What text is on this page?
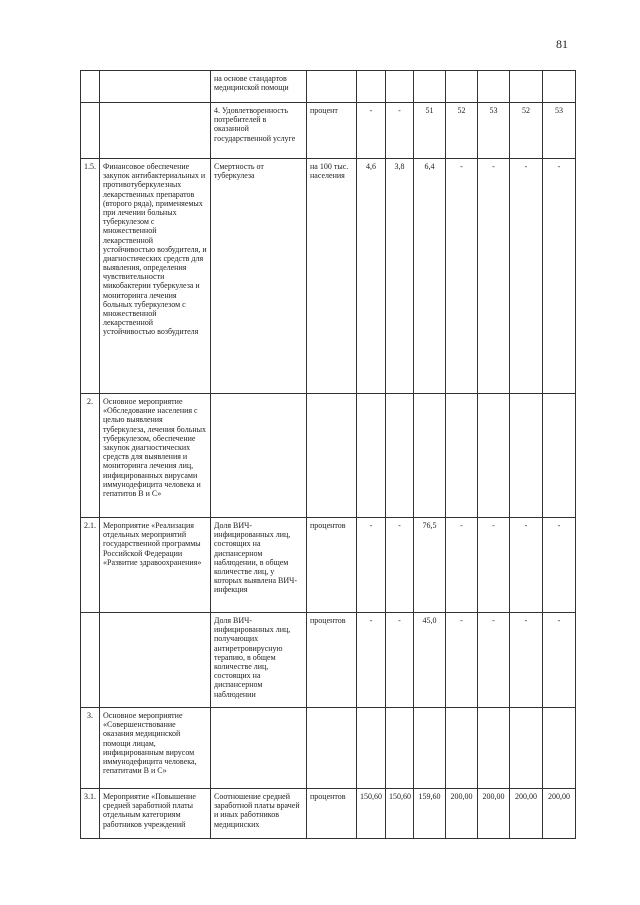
81
		на основе стандартов медицинской помощи								
		4. Удовлетворенность потребителей в оказанной государственной услуге	процент	-	-	51	52	53	52	53
1.5.	Финансовое обеспечение закупок антибактериальных и противотуберкулезных лекарственных препаратов (второго ряда), применяемых при лечении больных туберкулезом с множественной лекарственной устойчивостью возбудителя, и диагностических средств для выявления, определения чувствительности микобактерии туберкулеза и мониторинга лечения больных туберкулезом с множественной лекарственной устойчивостью возбудителя	Смертность от туберкулеза	на 100 тыс. населения	4,6	3,8	6,4	-	-	-	-
2.	Основное мероприятие «Обследование населения с целью выявления туберкулеза, лечения больных туберкулезом, обеспечение закупок диагностических средств для выявления и мониторинга лечения лиц, инфицированных вирусами иммунодефицита человека и гепатитов В и С»									
2.1.	Мероприятие «Реализация отдельных мероприятий государственной программы Российской Федерации «Развитие здравоохранения»	Доля ВИЧ-инфицированных лиц, состоящих на диспансерном наблюдении, в общем количестве лиц, у которых выявлена ВИЧ-инфекция	процентов	-	-	76,5	-	-	-	-
		Доля ВИЧ-инфицированных лиц, получающих антиретровирусную терапию, в общем количестве лиц, состоящих на диспансерном наблюдении	процентов	-	-	45,0	-	-	-	-
3.	Основное мероприятие «Совершенствование оказания медицинской помощи лицам, инфицированным вирусом иммунодефицита человека, гепатитами В и С»									
3.1.	Мероприятие «Повышение средней заработной платы отдельным категориям работников учреждений	Соотношение средней заработной платы врачей и иных работников медицинских	процентов	150,60	150,60	159,60	200,00	200,00	200,00	200,00
